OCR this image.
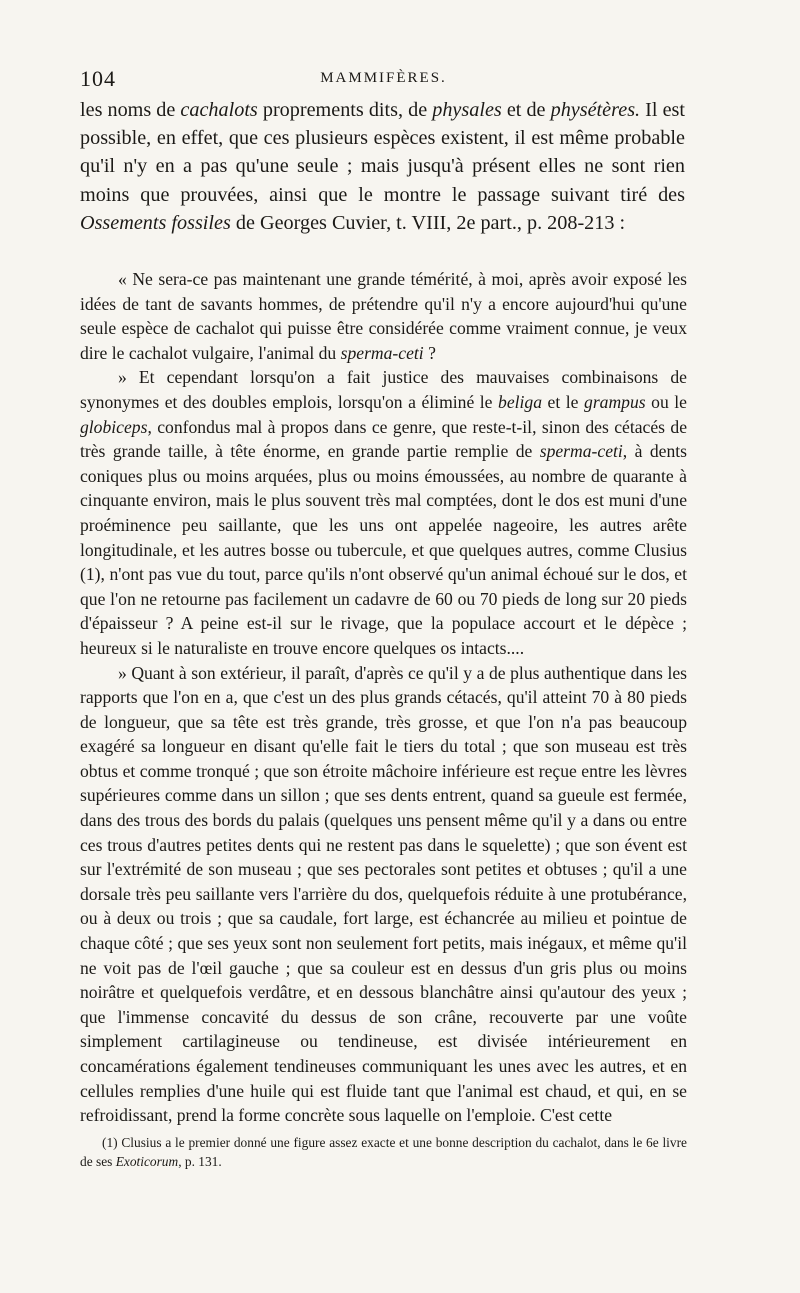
104	MAMMIFÈRES.

les noms de cachalots proprements dits, de physales et de physétères. Il est possible, en effet, que ces plusieurs espèces existent, il est même probable qu'il n'y en a pas qu'une seule ; mais jusqu'à présent elles ne sont rien moins que prouvées, ainsi que le montre le passage suivant tiré des Ossements fossiles de Georges Cuvier, t. VIII, 2e part., p. 208-213 :

« Ne sera-ce pas maintenant une grande témérité, à moi, après avoir exposé les idées de tant de savants hommes, de prétendre qu'il n'y a encore aujourd'hui qu'une seule espèce de cachalot qui puisse être considérée comme vraiment connue, je veux dire le cachalot vulgaire, l'animal du sperma-ceti ?

» Et cependant lorsqu'on a fait justice des mauvaises combinaisons de synonymes et des doubles emplois, lorsqu'on a éliminé le beliga et le grampus ou le globiceps, confondus mal à propos dans ce genre, que reste-t-il, sinon des cétacés de très grande taille, à tête énorme, en grande partie remplie de sperma-ceti, à dents coniques plus ou moins arquées, plus ou moins émoussées, au nombre de quarante à cinquante environ, mais le plus souvent très mal comptées, dont le dos est muni d'une proéminence peu saillante, que les uns ont appelée nageoire, les autres arête longitudinale, et les autres bosse ou tubercule, et que quelques autres, comme Clusius (1), n'ont pas vue du tout, parce qu'ils n'ont observé qu'un animal échoué sur le dos, et que l'on ne retourne pas facilement un cadavre de 60 ou 70 pieds de long sur 20 pieds d'épaisseur ? A peine est-il sur le rivage, que la populace accourt et le dépèce ; heureux si le naturaliste en trouve encore quelques os intacts....

» Quant à son extérieur, il paraît, d'après ce qu'il y a de plus authentique dans les rapports que l'on en a, que c'est un des plus grands cétacés, qu'il atteint 70 à 80 pieds de longueur, que sa tête est très grande, très grosse, et que l'on n'a pas beaucoup exagéré sa longueur en disant qu'elle fait le tiers du total ; que son museau est très obtus et comme tronqué ; que son étroite mâchoire inférieure est reçue entre les lèvres supérieures comme dans un sillon ; que ses dents entrent, quand sa gueule est fermée, dans des trous des bords du palais (quelques uns pensent même qu'il y a dans ou entre ces trous d'autres petites dents qui ne restent pas dans le squelette) ; que son évent est sur l'extrémité de son museau ; que ses pectorales sont petites et obtuses ; qu'il a une dorsale très peu saillante vers l'arrière du dos, quelquefois réduite à une protubérance, ou à deux ou trois ; que sa caudale, fort large, est échancrée au milieu et pointue de chaque côté ; que ses yeux sont non seulement fort petits, mais inégaux, et même qu'il ne voit pas de l'œil gauche ; que sa couleur est en dessus d'un gris plus ou moins noirâtre et quelquefois verdâtre, et en dessous blanchâtre ainsi qu'autour des yeux ; que l'immense concavité du dessus de son crâne, recouverte par une voûte simplement cartilagineuse ou tendineuse, est divisée intérieurement en concamérations également tendineuses communiquant les unes avec les autres, et en cellules remplies d'une huile qui est fluide tant que l'animal est chaud, et qui, en se refroidissant, prend la forme concrète sous laquelle on l'emploie. C'est cette

(1) Clusius a le premier donné une figure assez exacte et une bonne description du cachalot, dans le 6e livre de ses Exoticorum, p. 131.
